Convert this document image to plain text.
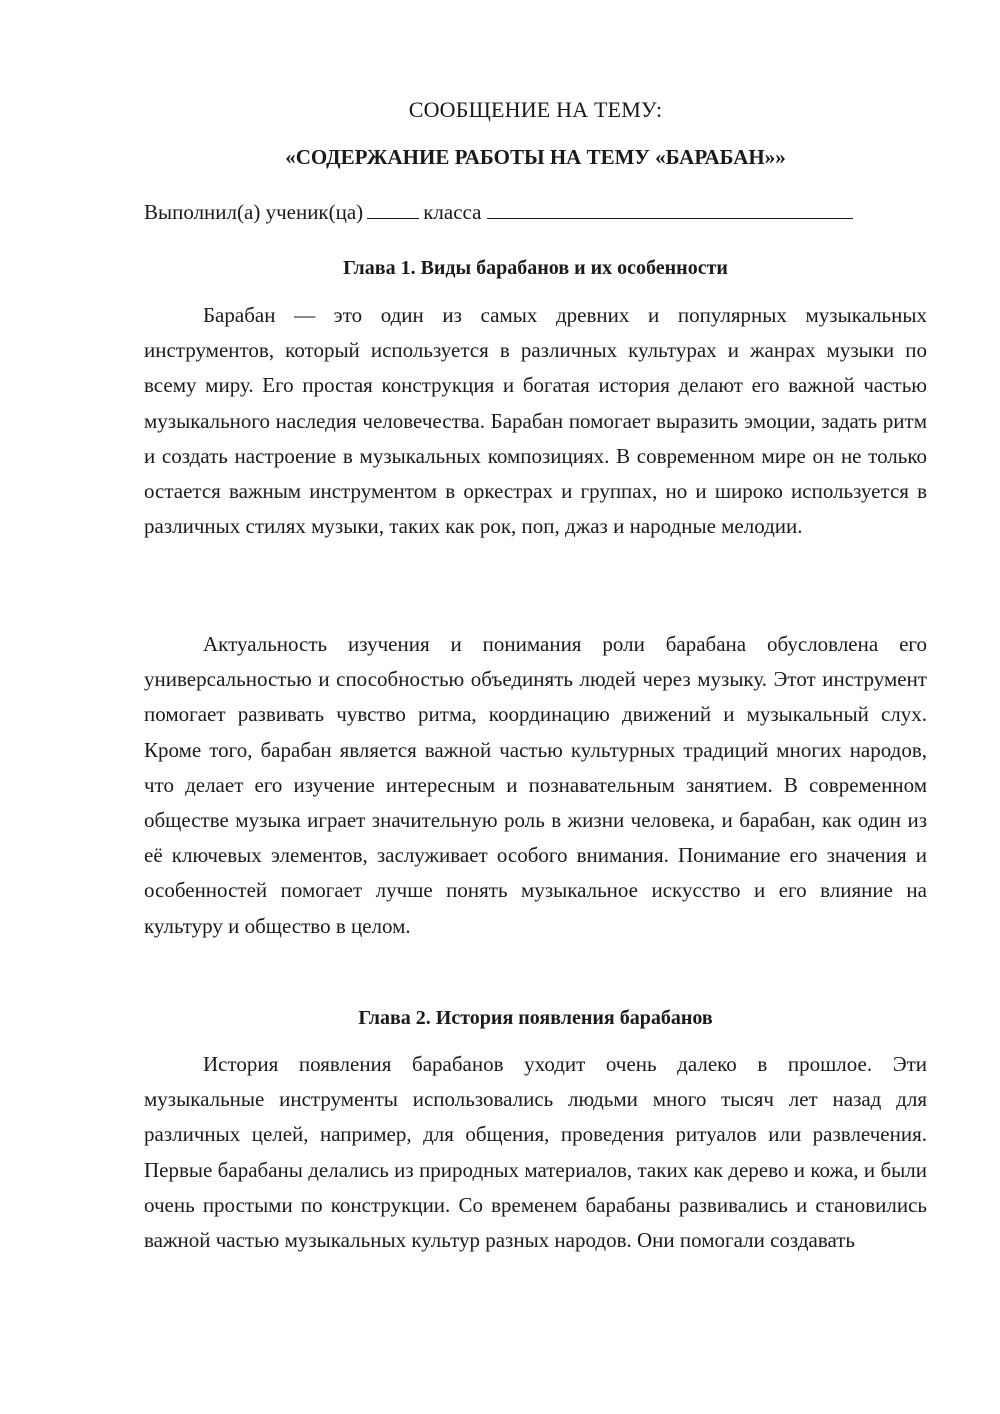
СООБЩЕНИЕ НА ТЕМУ:
«СОДЕРЖАНИЕ РАБОТЫ НА ТЕМУ «БАРАБАН»»
Выполнил(а) ученик(ца)	класса
Глава 1. Виды барабанов и их особенности

Барабан — это один из самых древних и популярных музыкальных инструментов, который используется в различных культурах и жанрах музыки по всему миру. Его простая конструкция и богатая история делают его важной частью музыкального наследия человечества. Барабан помогает выразить эмоции, задать ритм и создать настроение в музыкальных композициях. В современном мире он не только остается важным инструментом в оркестрах и группах, но и широко используется в различных стилях музыки, таких как рок, поп, джаз и народные мелодии.

Актуальность изучения и понимания роли барабана обусловлена его универсальностью и способностью объединять людей через музыку. Этот инструмент помогает развивать чувство ритма, координацию движений и музыкальный слух. Кроме того, барабан является важной частью культурных традиций многих народов, что делает его изучение интересным и познавательным занятием. В современном обществе музыка играет значительную роль в жизни человека, и барабан, как один из её ключевых элементов, заслуживает особого внимания. Понимание его значения и особенностей помогает лучше понять музыкальное искусство и его влияние на культуру и общество в целом.

Глава 2. История появления барабанов

История появления барабанов уходит очень далеко в прошлое. Эти музыкальные инструменты использовались людьми много тысяч лет назад для различных целей, например, для общения, проведения ритуалов или развлечения. Первые барабаны делались из природных материалов, таких как дерево и кожа, и были очень простыми по конструкции. Со временем барабаны развивались и становились важной частью музыкальных культур разных народов. Они помогали создавать
